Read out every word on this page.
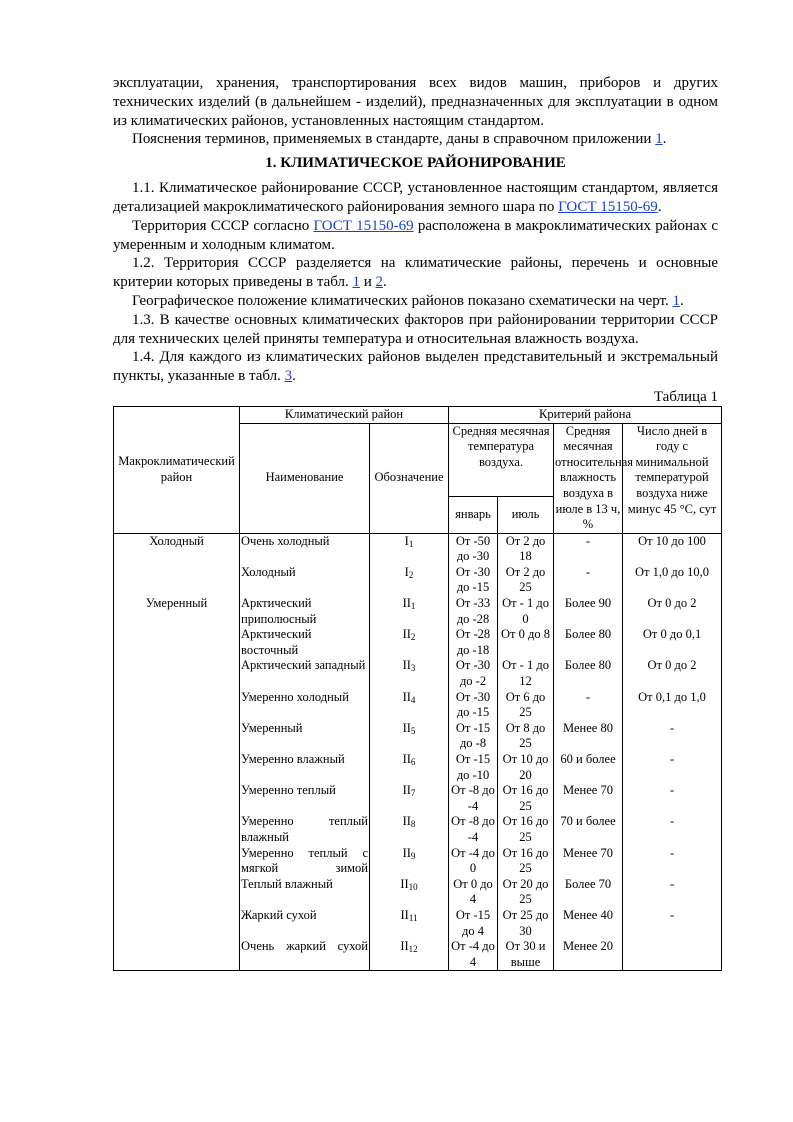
эксплуатации, хранения, транспортирования всех видов машин, приборов и других технических изделий (в дальнейшем - изделий), предназначенных для эксплуатации в одном из климатических районов, установленных настоящим стандартом.

Пояснения терминов, применяемых в стандарте, даны в справочном приложении 1.

1. КЛИМАТИЧЕСКОЕ РАЙОНИРОВАНИЕ

1.1. Климатическое районирование СССР, установленное настоящим стандартом, является детализацией макроклиматического районирования земного шара по ГОСТ 15150-69.

Территория СССР согласно ГОСТ 15150-69 расположена в макроклиматических районах с умеренным и холодным климатом.

1.2. Территория СССР разделяется на климатические районы, перечень и основные критерии которых приведены в табл. 1 и 2.

Географическое положение климатических районов показано схематически на черт. 1.

1.3. В качестве основных климатических факторов при районировании территории СССР для технических целей приняты температура и относительная влажность воздуха.

1.4. Для каждого из климатических районов выделен представительный и экстремальный пункты, указанные в табл. 3.

Таблица 1
Макроклиматический район	Климатический район		Критерий района			
	Наименование	Обозначение	Средняя месячная температура воздуха.		Средняя месячная относительная влажность воздуха в июле в 13 ч, %	Число дней в году с минимальной температурой воздуха ниже минус 45 °С, сут
			январь	июль		
Холодный	Очень холодный	$I_1$	От -50 до -30	От 2 до 18	-	От 10 до 100
	Холодный	$I_2$	От -30 до -15	От 2 до 25	-	От 1,0 до 10,0
Умеренный	Арктический приполюсный	$II_1$	От -33 до -28	От - 1 до 0	Более 90	От 0 до 2
	Арктический восточный	$II_2$	От -28 до -18	От 0 до 8	Более 80	От 0 до 0,1
	Арктический западный	$II_3$	От -30 до -2	От - 1 до 12	Более 80	От 0 до 2
	Умеренно холодный	$II_4$	От -30 до -15	От 6 до 25	-	От 0,1 до 1,0
	Умеренный	$II_5$	От -15 до -8	От 8 до 25	Менее 80	-
	Умеренно влажный	$II_6$	От -15 до -10	От 10 до 20	60 и более	-
	Умеренно теплый	$II_7$	От -8 до -4	От 16 до 25	Менее 70	-
	Умеренно теплый влажный	$II_8$	От -8 до -4	От 16 до 25	70 и более	-
	Умеренно теплый с мягкой зимой	$II_9$	От -4 до 0	От 16 до 25	Менее 70	-
	Теплый влажный	$II_{10}$	От 0 до 4	От 20 до 25	Более 70	-
	Жаркий сухой	$II_{11}$	От -15 до 4	От 25 до 30	Менее 40	-
	Очень жаркий сухой	$II_{12}$	От -4 до 4	От 30 и выше	Менее 20	
